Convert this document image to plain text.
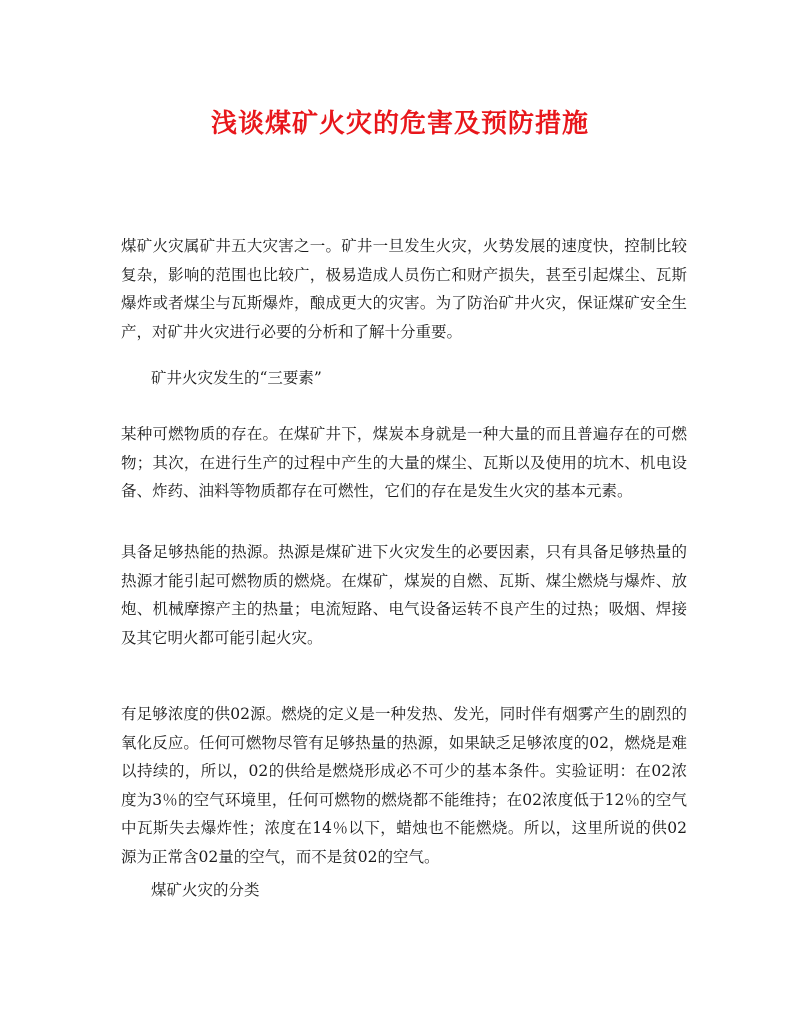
浅谈煤矿火灾的危害及预防措施

煤矿火灾属矿井五大灾害之一。矿井一旦发生火灾，火势发展的速度快，控制比较复杂，影响的范围也比较广，极易造成人员伤亡和财产损失，甚至引起煤尘、瓦斯爆炸或者煤尘与瓦斯爆炸，酿成更大的灾害。为了防治矿井火灾，保证煤矿安全生产，对矿井火灾进行必要的分析和了解十分重要。

矿井火灾发生的“三要素”

某种可燃物质的存在。在煤矿井下，煤炭本身就是一种大量的而且普遍存在的可燃物；其次，在进行生产的过程中产生的大量的煤尘、瓦斯以及使用的坑木、机电设备、炸药、油料等物质都存在可燃性，它们的存在是发生火灾的基本元素。

具备足够热能的热源。热源是煤矿进下火灾发生的必要因素，只有具备足够热量的热源才能引起可燃物质的燃烧。在煤矿，煤炭的自燃、瓦斯、煤尘燃烧与爆炸、放炮、机械摩擦产主的热量；电流短路、电气设备运转不良产生的过热；吸烟、焊接及其它明火都可能引起火灾。

有足够浓度的供02源。燃烧的定义是一种发热、发光，同时伴有烟雾产生的剧烈的氧化反应。任何可燃物尽管有足够热量的热源，如果缺乏足够浓度的02，燃烧是难以持续的，所以，02的供给是燃烧形成必不可少的基本条件。实验证明：在02浓度为3％的空气环境里，任何可燃物的燃烧都不能维持；在02浓度低于12％的空气中瓦斯失去爆炸性；浓度在14％以下，蜡烛也不能燃烧。所以，这里所说的供02源为正常含02量的空气，而不是贫02的空气。

煤矿火灾的分类
